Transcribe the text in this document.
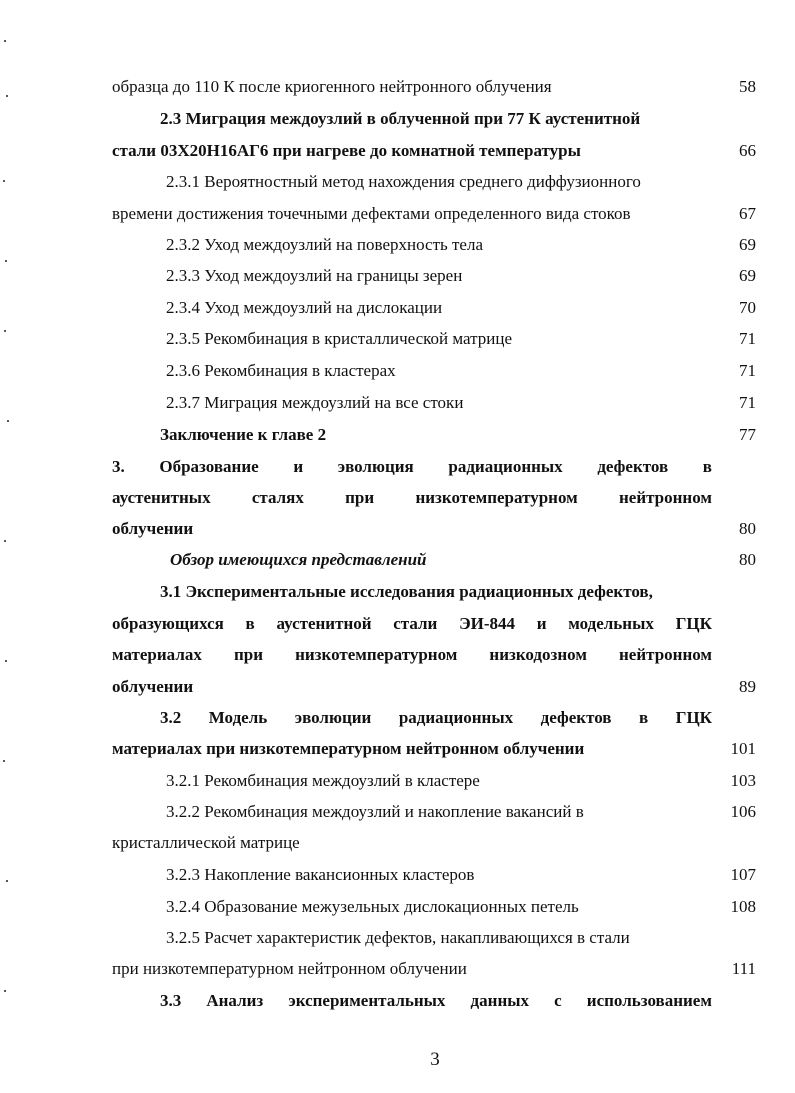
образца до 110 К после криогенного нейтронного облучения	58
2.3 Миграция междоузлий в облученной при 77 К аустенитной
стали 03Х20Н16АГ6 при нагреве до комнатной температуры	66
2.3.1 Вероятностный метод нахождения среднего диффузионного
времени достижения точечными дефектами определенного вида стоков	67
2.3.2 Уход междоузлий на поверхность тела	69
2.3.3 Уход междоузлий на границы зерен	69
2.3.4 Уход междоузлий на дислокации	70
2.3.5 Рекомбинация в кристаллической матрице	71
2.3.6 Рекомбинация в кластерах	71
2.3.7 Миграция междоузлий на все стоки	71
Заключение к главе 2	77
3. Образование и эволюция радиационных дефектов в
аустенитных сталях при низкотемпературном нейтронном
облучении	80
Обзор имеющихся представлений	80
3.1 Экспериментальные исследования радиационных дефектов,
образующихся в аустенитной стали ЭИ-844 и модельных ГЦК
материалах при низкотемпературном низкодозном нейтронном
облучении	89
3.2 Модель эволюции радиационных дефектов в ГЦК
материалах при низкотемпературном нейтронном облучении	101
3.2.1 Рекомбинация междоузлий в кластере	103
3.2.2 Рекомбинация междоузлий и накопление вакансий в	106
кристаллической матрице
3.2.3 Накопление вакансионных кластеров	107
3.2.4 Образование межузельных дислокационных петель	108
3.2.5 Расчет характеристик дефектов, накапливающихся в стали
при низкотемпературном нейтронном облучении	111
3.3 Анализ экспериментальных данных с использованием
3
